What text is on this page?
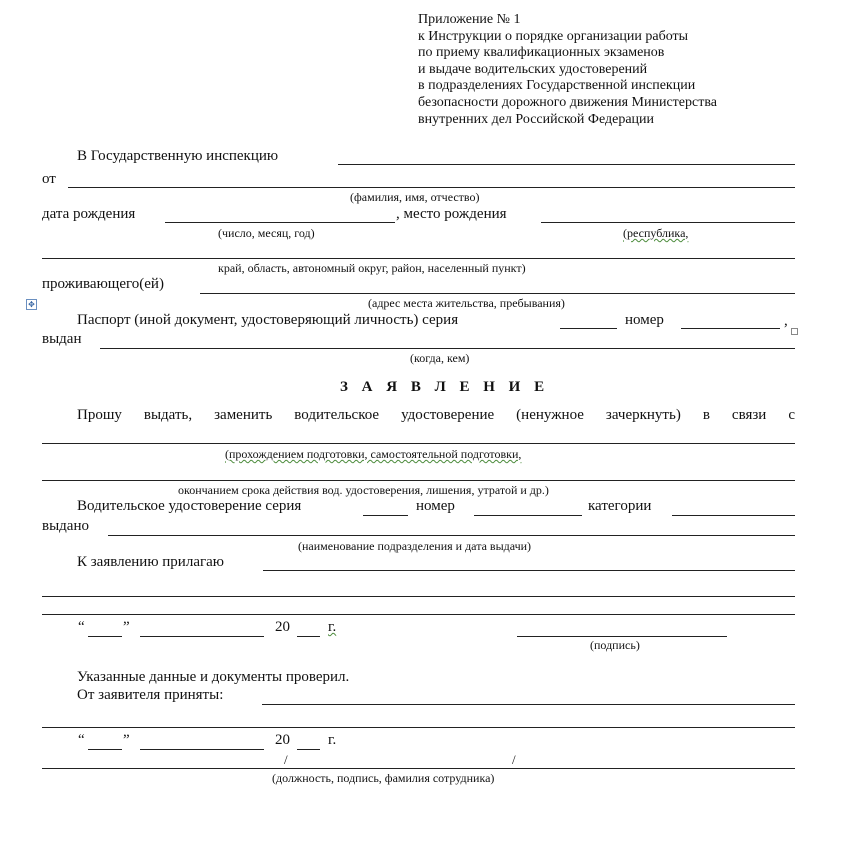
Приложение № 1
к Инструкции о порядке организации работы
по приему квалификационных экзаменов
и выдаче водительских удостоверений
в подразделениях Государственной инспекции
безопасности дорожного движения Министерства
внутренних дел Российской Федерации
В Государственную инспекцию
от
(фамилия, имя, отчество)
дата рождения	, место рождения
(число, месяц, год)	(республика,
край, область, автономный округ, район, населенный пункт)
проживающего(ей)
✥	(адрес места жительства, пребывания)
Паспорт (иной документ, удостоверяющий личность) серия	номер	,
выдан
(когда, кем)
З А Я В Л Е Н И Е
Прошу выдать, заменить водительское удостоверение (ненужное зачеркнуть) в связи с
(прохождением подготовки, самостоятельной подготовки,
окончанием срока действия вод. удостоверения, лишения, утратой и др.)
Водительское удостоверение серия	номер	категории
выдано
(наименование подразделения и дата выдачи)
К заявлению прилагаю
“	”	20	г.
(подпись)
Указанные данные и документы проверил.
От заявителя приняты:
“	”	20	г.
/	/
(должность, подпись, фамилия сотрудника)
